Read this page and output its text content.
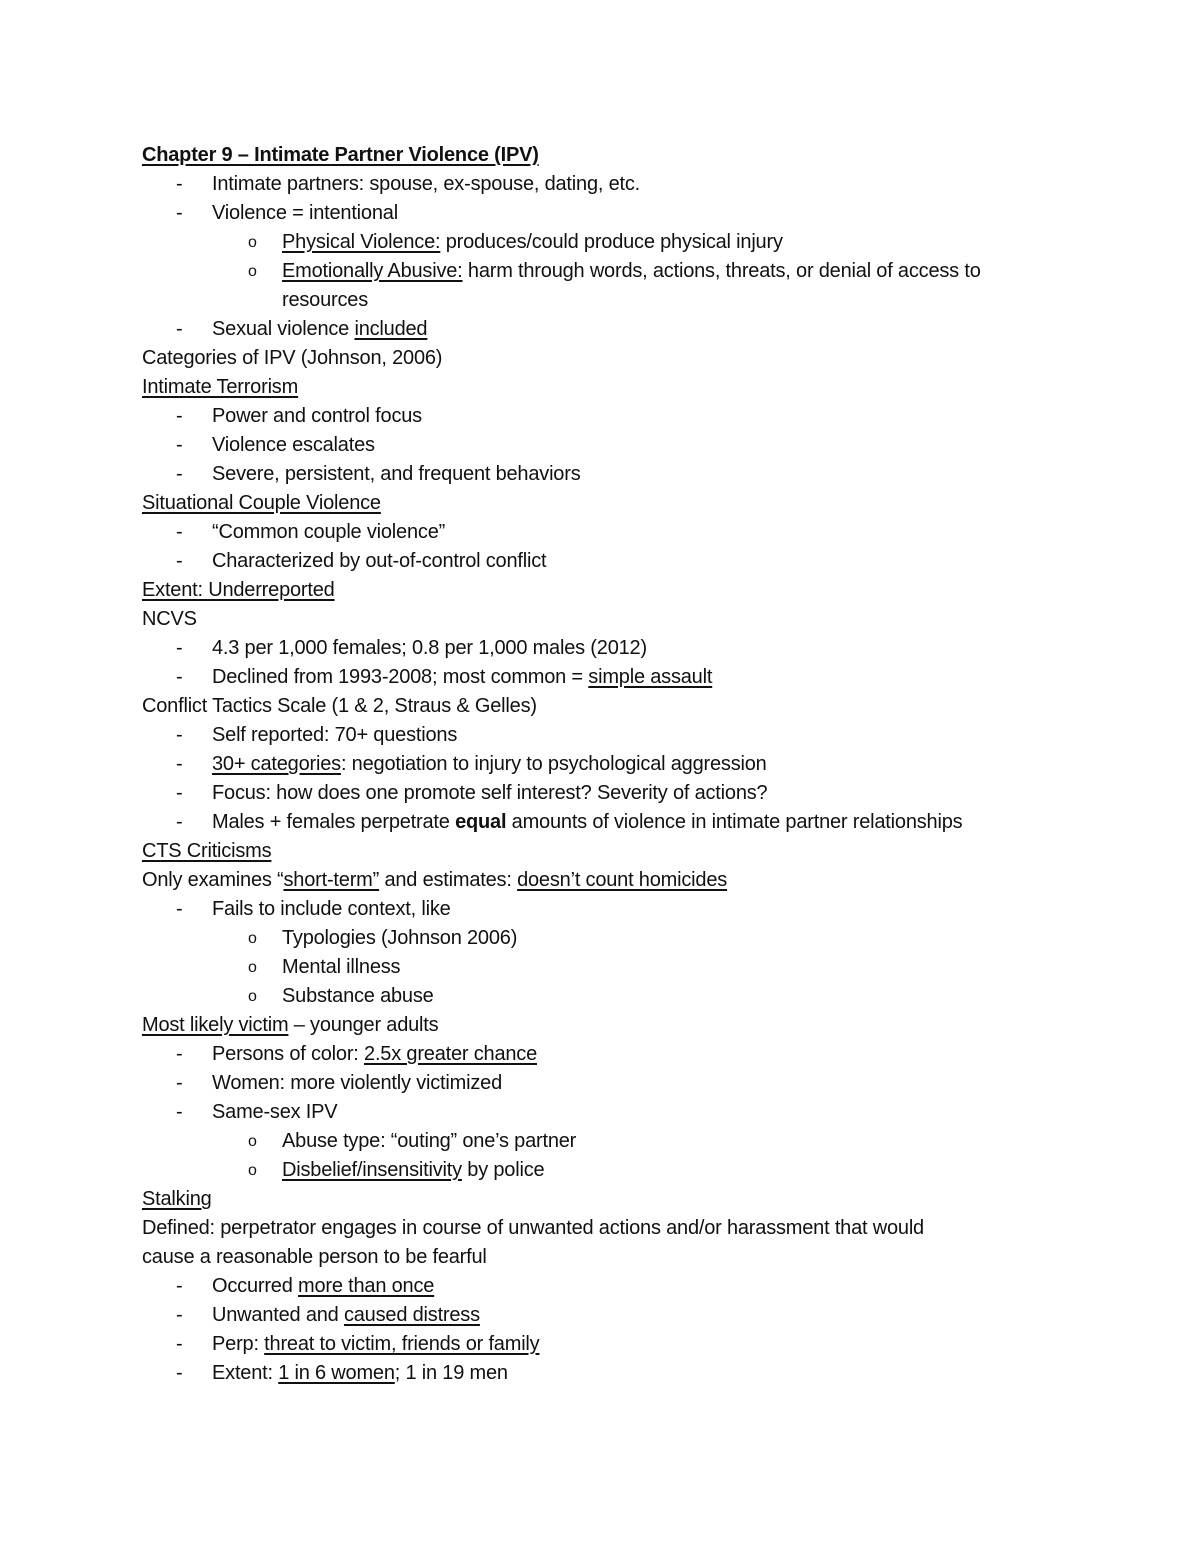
Chapter 9 – Intimate Partner Violence (IPV)
- Intimate partners: spouse, ex-spouse, dating, etc.
- Violence = intentional
o Physical Violence: produces/could produce physical injury
o Emotionally Abusive: harm through words, actions, threats, or denial of access to
resources
- Sexual violence included
Categories of IPV (Johnson, 2006)
Intimate Terrorism
- Power and control focus
- Violence escalates
- Severe, persistent, and frequent behaviors
Situational Couple Violence
- “Common couple violence”
- Characterized by out-of-control conflict
Extent: Underreported
NCVS
- 4.3 per 1,000 females; 0.8 per 1,000 males (2012)
- Declined from 1993-2008; most common = simple assault
Conflict Tactics Scale (1 & 2, Straus & Gelles)
- Self reported: 70+ questions
- 30+ categories: negotiation to injury to psychological aggression
- Focus: how does one promote self interest? Severity of actions?
- Males + females perpetrate equal amounts of violence in intimate partner relationships
CTS Criticisms
Only examines “short-term” and estimates: doesn’t count homicides
- Fails to include context, like
o Typologies (Johnson 2006)
o Mental illness
o Substance abuse
Most likely victim – younger adults
- Persons of color: 2.5x greater chance
- Women: more violently victimized
- Same-sex IPV
o Abuse type: “outing” one’s partner
o Disbelief/insensitivity by police
Stalking
Defined: perpetrator engages in course of unwanted actions and/or harassment that would
cause a reasonable person to be fearful
- Occurred more than once
- Unwanted and caused distress
- Perp: threat to victim, friends or family
- Extent: 1 in 6 women; 1 in 19 men
